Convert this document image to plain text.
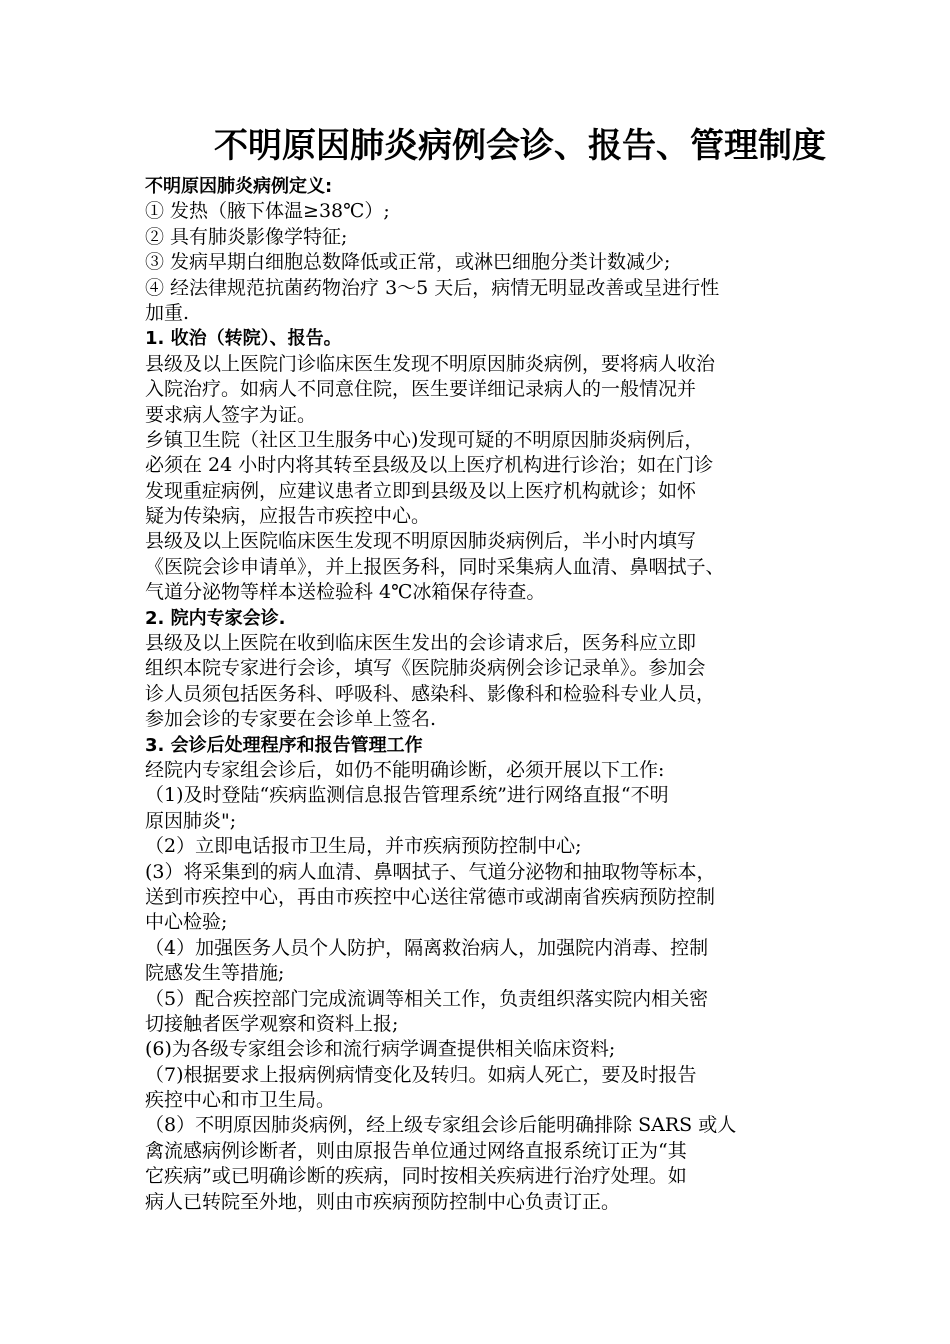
不明原因肺炎病例会诊、报告、管理制度
不明原因肺炎病例定义:
① 发热（腋下体温≥38℃）;
② 具有肺炎影像学特征;
③ 发病早期白细胞总数降低或正常，或淋巴细胞分类计数减少;
④ 经法律规范抗菌药物治疗 3～5 天后，病情无明显改善或呈进行性
加重.
1. 收治（转院）、报告。
县级及以上医院门诊临床医生发现不明原因肺炎病例，要将病人收治
入院治疗。如病人不同意住院，医生要详细记录病人的一般情况并
要求病人签字为证。
乡镇卫生院（社区卫生服务中心)发现可疑的不明原因肺炎病例后，
必须在 24 小时内将其转至县级及以上医疗机构进行诊治；如在门诊
发现重症病例，应建议患者立即到县级及以上医疗机构就诊；如怀
疑为传染病，应报告市疾控中心。
县级及以上医院临床医生发现不明原因肺炎病例后，半小时内填写
《医院会诊申请单》，并上报医务科，同时采集病人血清、鼻咽拭子、
气道分泌物等样本送检验科 4℃冰箱保存待查。
2. 院内专家会诊.
县级及以上医院在收到临床医生发出的会诊请求后，医务科应立即
组织本院专家进行会诊，填写《医院肺炎病例会诊记录单》。参加会
诊人员须包括医务科、呼吸科、感染科、影像科和检验科专业人员，
参加会诊的专家要在会诊单上签名.
3. 会诊后处理程序和报告管理工作
经院内专家组会诊后，如仍不能明确诊断，必须开展以下工作:
（1)及时登陆“疾病监测信息报告管理系统”进行网络直报“不明
原因肺炎";
（2）立即电话报市卫生局，并市疾病预防控制中心;
(3）将采集到的病人血清、鼻咽拭子、气道分泌物和抽取物等标本，
送到市疾控中心，再由市疾控中心送往常德市或湖南省疾病预防控制
中心检验;
（4）加强医务人员个人防护，隔离救治病人，加强院内消毒、控制
院感发生等措施;
（5）配合疾控部门完成流调等相关工作，负责组织落实院内相关密
切接触者医学观察和资料上报;
(6)为各级专家组会诊和流行病学调查提供相关临床资料;
（7)根据要求上报病例病情变化及转归。如病人死亡，要及时报告
疾控中心和市卫生局。
（8）不明原因肺炎病例，经上级专家组会诊后能明确排除 SARS 或人
禽流感病例诊断者，则由原报告单位通过网络直报系统订正为“其
它疾病”或已明确诊断的疾病，同时按相关疾病进行治疗处理。如
病人已转院至外地，则由市疾病预防控制中心负责订正。
